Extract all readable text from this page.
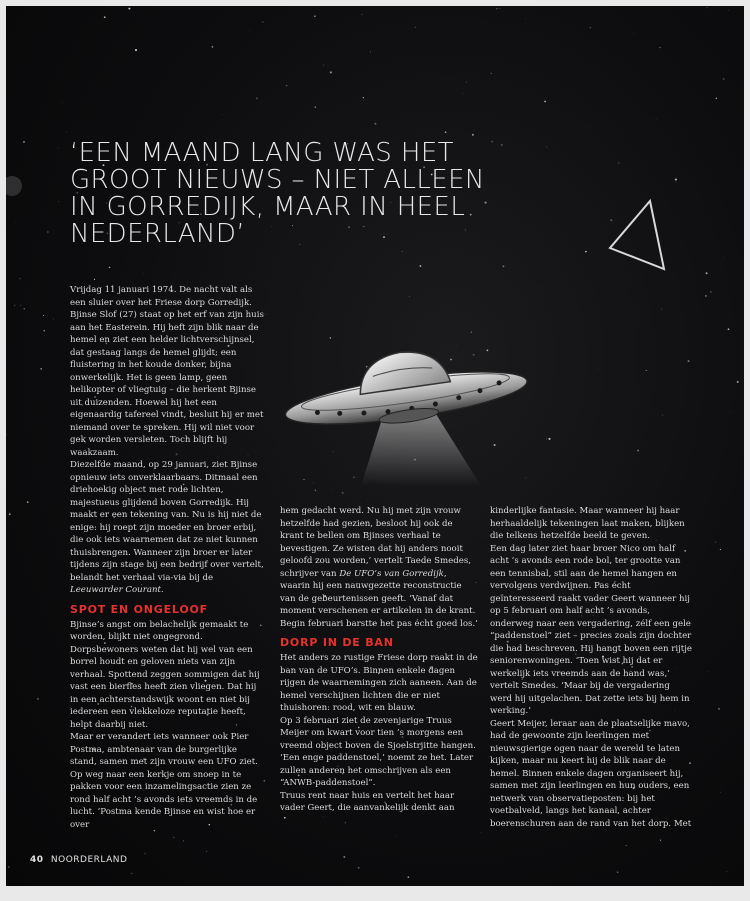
‘EEN MAAND LANG WAS HET GROOT NIEUWS – NIET ALLEEN IN GORREDIJK, MAAR IN HEEL NEDERLAND’

Vrijdag 11 januari 1974. De nacht valt als een sluier over het Friese dorp Gorredijk. Bjinse Slof (27) staat op het erf van zijn huis aan het Easterein. Hij heft zijn blik naar de hemel en ziet een helder lichtverschijnsel, dat gestaag langs de hemel glijdt; een fluistering in het koude donker, bijna onwerkelijk. Het is geen lamp, geen helikopter of vliegtuig – die herkent Bjinse uit duizenden. Hoewel hij het een eigenaardig tafereel vindt, besluit hij er met niemand over te spreken. Hij wil niet voor gek worden versleten. Toch blijft hij waakzaam.

Diezelfde maand, op 29 januari, ziet Bjinse opnieuw iets onverklaarbaars. Ditmaal een driehoekig object met rode lichten, majestueus glijdend boven Gorredijk. Hij maakt er een tekening van. Nu is hij niet de enige: hij roept zijn moeder en broer erbij, die ook iets waarnemen dat ze niet kunnen thuisbrengen. Wanneer zijn broer er later tijdens zijn stage bij een bedrijf over vertelt, belandt het verhaal via-via bij de Leeuwarder Courant.

SPOT EN ONGELOOF

Bjinse’s angst om belachelijk gemaakt te worden, blijkt niet ongegrond. Dorpsbewoners weten dat hij wel van een borrel houdt en geloven niets van zijn verhaal. Spottend zeggen sommigen dat hij vast een bierfles heeft zien vliegen. Dat hij in een achterstandswijk woont en niet bij iedereen een vlekkeloze reputatie heeft, helpt daarbij niet.

Maar er verandert iets wanneer ook Pier Postma, ambtenaar van de burgerlijke stand, samen met zijn vrouw een UFO ziet. Op weg naar een kerkje om snoep in te pakken voor een inzamelingsactie zien ze rond half acht ’s avonds iets vreemds in de lucht. ‘Postma kende Bjinse en wist hoe er over

hem gedacht werd. Nu hij met zijn vrouw hetzelfde had gezien, besloot hij ook de krant te bellen om Bjinses verhaal te bevestigen. Ze wisten dat hij anders nooit geloofd zou worden,’ vertelt Taede Smedes, schrijver van De UFO’s van Gorredijk, waarin hij een nauwgezette reconstructie van de gebeurtenissen geeft. ‘Vanaf dat moment verschenen er artikelen in de krant. Begin februari barstte het pas écht goed los.’

DORP IN DE BAN

Het anders zo rustige Friese dorp raakt in de ban van de UFO’s. Binnen enkele dagen rijgen de waarnemingen zich aaneen. Aan de hemel verschijnen lichten die er niet thuishoren: rood, wit en blauw.

Op 3 februari ziet de zevenjarige Truus Meijer om kwart voor tien ’s morgens een vreemd object boven de Sjoelstrjitte hangen. ‘Een enge paddenstoel,’ noemt ze het. Later zullen anderen het omschrijven als een “ANWB-paddenstoel”.

Truus rent naar huis en vertelt het haar vader Geert, die aanvankelijk denkt aan

kinderlijke fantasie. Maar wanneer hij haar herhaaldelijk tekeningen laat maken, blijken die telkens hetzelfde beeld te geven.

Een dag later ziet haar broer Nico om half acht ’s avonds een rode bol, ter grootte van een tennisbal, stil aan de hemel hangen en vervolgens verdwijnen. Pas écht geïnteresseerd raakt vader Geert wanneer hij op 5 februari om half acht ’s avonds, onderweg naar een vergadering, zélf een gele “paddenstoel” ziet – precies zoals zijn dochter die had beschreven. Hij hangt boven een rijtje seniorenwoningen. ‘Toen wist hij dat er werkelijk iets vreemds aan de hand was,’ vertelt Smedes. ‘Maar bij de vergadering werd hij uitgelachen. Dat zette iets bij hem in werking.’

Geert Meijer, leraar aan de plaatselijke mavo, had de gewoonte zijn leerlingen met nieuwsgierige ogen naar de wereld te laten kijken, maar nu keert hij de blik naar de hemel. Binnen enkele dagen organiseert hij, samen met zijn leerlingen en hun ouders, een netwerk van observatieposten: bij het voetbalveld, langs het kanaal, achter boerenschuren aan de rand van het dorp. Met

40 NOORDERLAND
